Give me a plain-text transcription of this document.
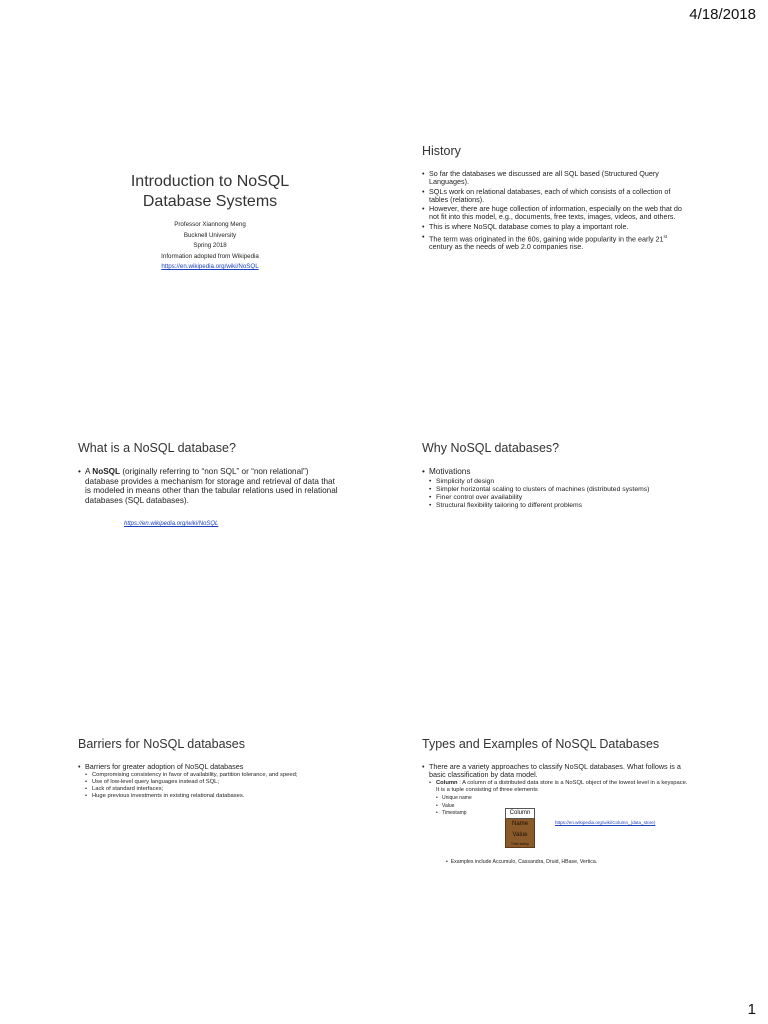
4/18/2018
Introduction to NoSQL
Database Systems
Professor Xiannong Meng
Bucknell University
Spring 2018
Information adopted from Wikipedia
https://en.wikipedia.org/wiki/NoSQL
History
• So far the databases we discussed are all SQL based (Structured Query Languages).
• SQLs work on relational databases, each of which consists of a collection of tables (relations).
• However, there are huge collection of information, especially on the web that do not fit into this model, e.g., documents, free texts, images, videos, and others.
• This is where NoSQL database comes to play a important role.
• The term was originated in the 60s, gaining wide popularity in the early 21st century as the needs of web 2.0 companies rise.
What is a NoSQL database?
• A NoSQL (originally referring to “non SQL” or “non relational”) database provides a mechanism for storage and retrieval of data that is modeled in means other than the tabular relations used in relational databases (SQL databases).
https://en.wikipedia.org/wiki/NoSQL
Why NoSQL databases?
• Motivations
• Simplicity of design
• Simpler horizontal scaling to clusters of machines (distributed systems)
• Finer control over availability
• Structural flexibility tailoring to different problems
Barriers for NoSQL databases
• Barriers for greater adoption of NoSQL databases
• Compromising consistency in favor of availability, partition tolerance, and speed;
• Use of low-level query languages instead of SQL;
• Lack of standard interfaces;
• Huge previous investments in existing relational databases.
Types and Examples of NoSQL Databases
• There are a variety approaches to classify NoSQL databases. What follows is a basic classification by data model.
• Column : A column of a distributed data store is a NoSQL object of the lowest level in a keyspace. It is a tuple consisting of three elements
• Unique name
• Value
• Timestamp	Column
Name
Value
Time stamp
https://en.wikipedia.org/wiki/Column_(data_store)
•  Examples include Accumulo, Cassandra, Druid, HBase, Vertica.
1
